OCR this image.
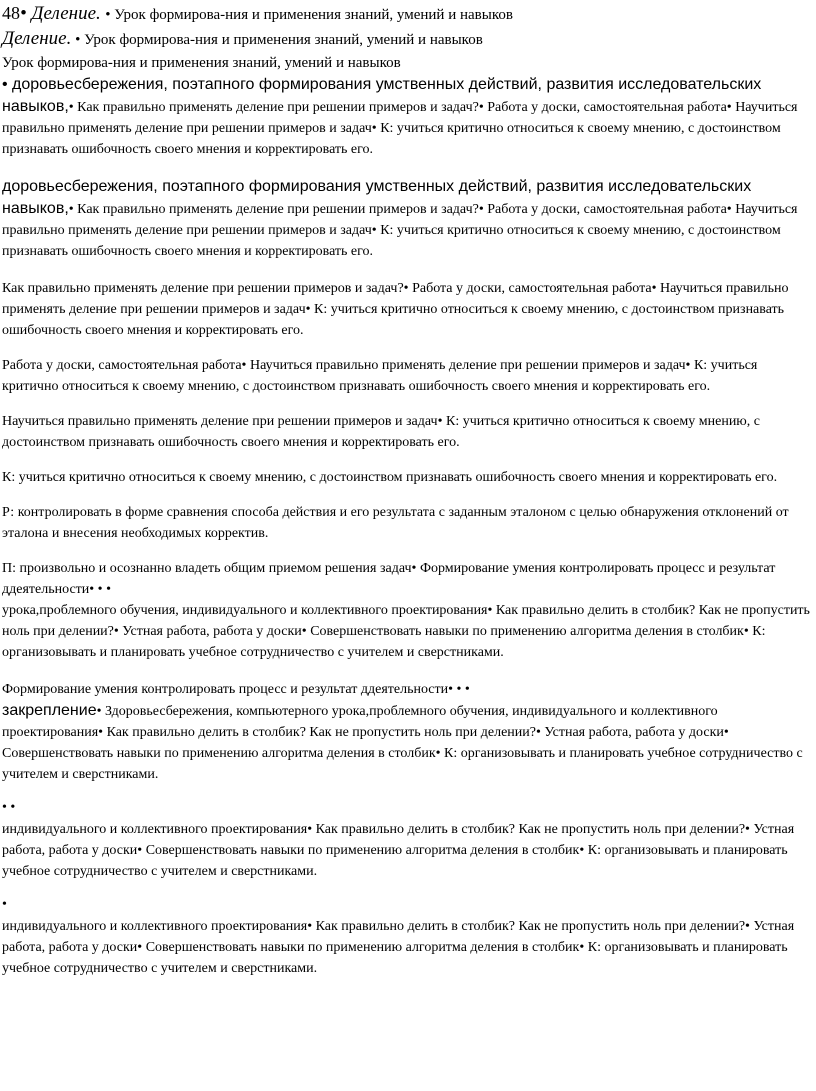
48• Деление. • Урок формирова-ния и применения знаний, умений и навыков

Деление. • Урок формирова-ния и применения знаний, умений и навыков

Урок формирова-ния и применения знаний, умений и навыков

• доровьесбережения, поэтапного формирования умственных действий, развития исследовательских
навыков,• Как правильно применять деление при решении примеров и задач?• Работа у доски, самостоятельная работа• Научиться правильно применять деление при решении примеров и задач• К: учиться критично относиться к своему мнению, с достоинством признавать ошибочность своего мнения и корректировать его.

доровьесбережения, поэтапного формирования умственных действий, развития исследовательских
навыков,• Как правильно применять деление при решении примеров и задач?• Работа у доски, самостоятельная работа• Научиться правильно применять деление при решении примеров и задач• К: учиться критично относиться к своему мнению, с достоинством признавать ошибочность своего мнения и корректировать его.

Как правильно применять деление при решении примеров и задач?• Работа у доски, самостоятельная работа• Научиться правильно применять деление при решении примеров и задач• К: учиться критично относиться к своему мнению, с достоинством признавать ошибочность своего мнения и корректировать его.

Работа у доски, самостоятельная работа• Научиться правильно применять деление при решении примеров и задач• К: учиться критично относиться к своему мнению, с достоинством признавать ошибочность своего мнения и корректировать его.

Научиться правильно применять деление при решении примеров и задач• К: учиться критично относиться к своему мнению, с достоинством признавать ошибочность своего мнения и корректировать его.

К: учиться критично относиться к своему мнению, с достоинством признавать ошибочность своего мнения и корректировать его.

Р: контролировать в форме сравнения способа действия и его результата с заданным эталоном с целью обнаружения отклонений от эталона и внесения необходимых корректив.

П: произвольно и осознанно владеть общим приемом решения задач• Формирование умения контролировать процесс и результат ддеятельности• • •
урока,проблемного обучения, индивидуального и коллективного проектирования• Как правильно делить в столбик? Как не пропустить ноль при делении?• Устная работа, работа у доски• Совершенствовать навыки по применению алгоритма деления в столбик• К: организовывать и планировать учебное сотрудничество с учителем и сверстниками.

Формирование умения контролировать процесс и результат ддеятельности• • •
закреплениe• Здоровьесбережения, компьютерного урока,проблемного обучения, индивидуального и коллективного проектирования• Как правильно делить в столбик? Как не пропустить ноль при делении?• Устная работа, работа у доски• Совершенствовать навыки по применению алгоритма деления в столбик• К: организовывать и планировать учебное сотрудничество с учителем и сверстниками.

• •

индивидуального и коллективного проектирования• Как правильно делить в столбик? Как не пропустить ноль при делении?• Устная работа, работа у доски• Совершенствовать навыки по применению алгоритма деления в столбик• К: организовывать и планировать учебное сотрудничество с учителем и сверстниками.

•

индивидуального и коллективного проектирования• Как правильно делить в столбик? Как не пропустить ноль при делении?• Устная работа, работа у доски• Совершенствовать навыки по применению алгоритма деления в столбик• К: организовывать и планировать учебное сотрудничество с учителем и сверстниками.
